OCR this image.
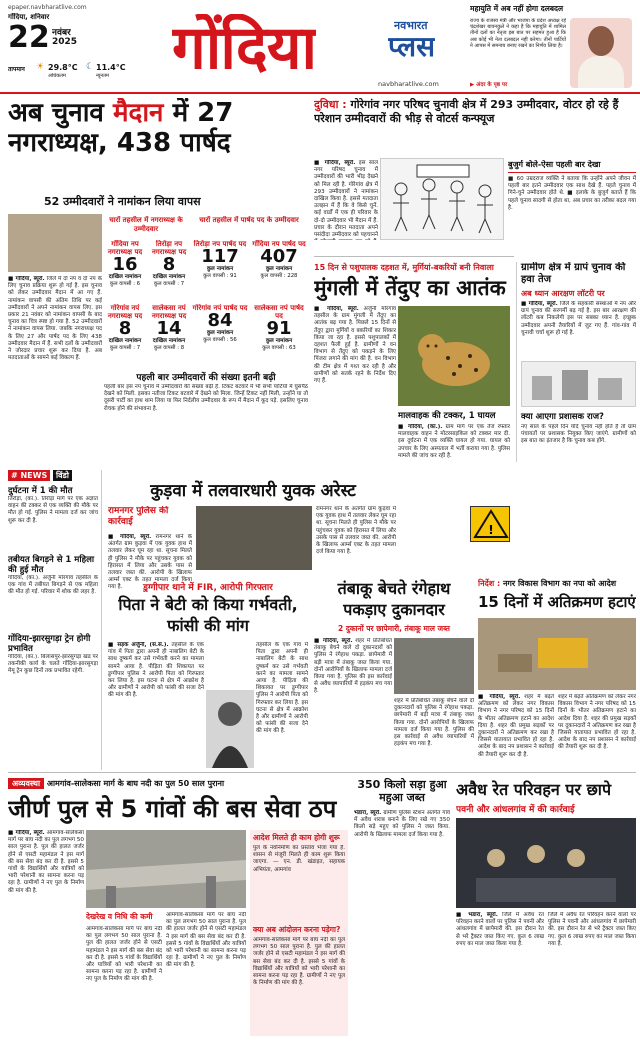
epaper.navbharatlive.com
गोंदिया, शनिवार
22 नवंबर
2025
तापमान ☀ 29.8°C
अधिकतम
☾ 11.4°C
न्यूनतम गोंदिया	नवभारत
प्लस
navbharatlive.com
महायुति में अब नहीं होगा दलबदल
राज्य के राजस्व मंत्री और भाजपा के प्रदेश अध्यक्ष रहे चंद्रशेखर बावनकुले ने कहा है कि महायुति में शामिल तीनों दलों का नेतृत्व इस बात पर सहमत हुआ है कि अब कोई भी नेता दलबदल नहीं करेगा। तीनों पार्टियों ने आपस में समन्वय बनाए रखने का निर्णय लिया है।
▶ अंदर के पृष्ठ पर
अब चुनाव मैदान में 27 नगराध्यक्ष, 438 पार्षद
52 उम्मीदवारों ने नामांकन लिया वापस
■ गोंदिया, ब्यूरो. जिले में दो नप व दो नपं के लिए चुनाव प्रक्रिया शुरू हो गई है. इस चुनाव को लेकर उम्मीदवार मैदान में आ गए हैं. नामांकन वापसी की अंतिम तिथि पर कई उम्मीदवारों ने अपने नामांकन वापस लिए. इस प्रकार 21 नवंबर को नामांकन वापसी के बाद चुनाव का चित्र स्पष्ट हो गया है. 52 उम्मीदवारों ने नामांकन वापस लिया. जबकि नगराध्यक्ष पद के लिए 27 और पार्षद पद के लिए 438 उम्मीदवार मैदान में हैं. सभी दलों के उम्मीदवारों ने जोरदार प्रचार शुरू कर दिया है. अब मतदाताओं के सामने कई विकल्प हैं.
चारों तहसील में नगराध्यक्ष के उम्मीदवार
चारों तहसील में पार्षद पद के उम्मीदवार
गोंदिया नप नगराध्यक्ष पद
16
दाखिल नामांकन
कुल वापसी : 6
तिरोड़ा नप नगराध्यक्ष पद
8
दाखिल नामांकन
कुल वापसी : 7
तिरोड़ा नप पार्षद पद
117
कुल नामांकन
कुल वापसी : 91
गोंदिया नप पार्षद पद
407
कुल नामांकन
कुल वापसी : 228
गोरेगांव नपं नगराध्यक्ष पद
8
दाखिल नामांकन
कुल वापसी : 7
सालेकसा नपं नगराध्यक्ष पद
14
दाखिल नामांकन
कुल वापसी : 8
गोरेगांव नपं पार्षद पद
84
कुल नामांकन
कुल वापसी : 56
सालेकसा नपं पार्षद पद
91
कुल नामांकन
कुल वापसी : 63
पहली बार उम्मीदवारों की संख्या इतनी बढ़ी
पहली बार इस नप चुनाव में उम्मीदवारों की संख्या बढ़ी है. टिकट बटवारे में भी सभी पार्टियों में घुसपैठ देखने को मिली. इसका नतीजा टिकट बटवारे में देखने को मिला. जिन्हें टिकट नहीं मिली, उन्होंने या तो दूसरी पार्टी का हाथ थाम लिया या फिर निर्दलीय उम्मीदवार के रूप में मैदान में कूद पड़े. इसलिए चुनाव रोचक होने की संभावना है.
दुविधा : गोरेगांव नगर परिषद चुनावी क्षेत्र में 293 उम्मीदवार, वोटर हो रहे हैं परेशान उम्मीदवारों की भीड़ से वोटर्स कन्फ्यूज
■ गोंदिया, ब्यूरो. इस साल नगर परिषद चुनाव में उम्मीदवारों की भारी भीड़ देखने को मिल रही है. गोरेगांव क्षेत्र में 293 उम्मीदवारों ने नामांकन दाखिल किया है. इससे मतदाता उलझन में हैं कि वे किसे चुनें. कई वार्डों में एक ही परिवार के दो-दो उम्मीदवार भी मैदान में हैं. प्रचार के दौरान मतदाता अपने पसंदीदा उम्मीदवार को पहचानने
बुजुर्ग बोले-ऐसा पहली बार देखा
■ 60 उम्रदराज व्यक्ति ने बताया कि उन्होंने अपने जीवन में पहली बार इतने उम्मीदवार एक साथ देखे हैं. पहले चुनाव में गिने-चुने उम्मीदवार होते थे. ■ इलाके के बुजुर्ग बताते हैं कि पहले चुनाव सादगी से होता था, अब प्रचार का तरीका बदल गया है.
15 दिन से पशुपालक दहशत में, मुर्गियां-बकरियों बनी निवाला
मुंगली में तेंदुए का आतंक
■ गोंदिया, ब्यूरो. अर्जुनी मोरगांव तहसील के ग्राम मुंगली में तेंदुए का आतंक बढ़ गया है. पिछले 15 दिनों से तेंदुए द्वारा मुर्गियों व बकरियों का शिकार किया जा रहा है. इससे पशुपालकों में दहशत फैली हुई है. ग्रामीणों ने वन विभाग से तेंदुए को पकड़ने के लिए पिंजरा लगाने की मांग की है. वन विभाग की टीम क्षेत्र में गश्त कर रही है और ग्रामीणों को सतर्क रहने के निर्देश दिए गए हैं.
मालवाहक की टक्कर, 1 घायल
■ गोंदिया, (का.). ग्राम मार्ग पर एक तेज रफ्तार मालवाहक वाहन ने मोटरसाइकिल को टक्कर मार दी. इस दुर्घटना में एक व्यक्ति घायल हो गया. घायल को उपचार के लिए अस्पताल में भर्ती कराया गया है. पुलिस मामले की जांच कर रही है.
ग्रामीण क्षेत्र में ग्रापं चुनाव की हवा तेज
अब ध्यान आरक्षण लॉटरी पर
■ गोंदिया, ब्यूरो. जिले के सहकारी संस्थाओं में नप और ग्रापं चुनाव की सरगर्मी बढ़ गई है. इस बार आरक्षण की लॉटरी कब निकलेगी इस पर सबका ध्यान है. इच्छुक उम्मीदवार अपनी तैयारियों में जुट गए हैं. गांव-गांव में चुनावी चर्चा शुरू हो गई है.
क्या आएगा प्रशासक राज?
नए साल के पहले दिन यदि चुनाव नहीं होते हैं तो ग्राम पंचायतों पर प्रशासक नियुक्त किए जाएंगे. ग्रामीणों को इस बात का इंतजार है कि चुनाव कब होंगे.
# NEWS विंडो
दुर्घटना में 1 की मौत
तिरोड़ा, (का.). तिरोड़ा मार्ग पर एक अज्ञात वाहन की टक्कर से एक व्यक्ति की मौके पर मौत हो गई. पुलिस ने मामला दर्ज कर जांच शुरू कर दी है.
तबीयत बिगड़ने से 1 महिला की हुई मौत
गोंदिया, (का.). अर्जुनी मोरगांव तहसील के एक गांव में तबीयत बिगड़ने से एक महिला की मौत हो गई. परिवार में शोक की लहर है.
गोंदिया-झारसुगड़ा ट्रेन होगी प्रभावित
गोंदिया, (का.). बिलासपुर-झारसुगड़ा खंड पर तकनीकी कार्य के चलते गोंदिया-झारसुगड़ा मेमू ट्रेन कुछ दिनों तक प्रभावित रहेगी.
कुड़वा में तलवारधारी युवक अरेस्ट
रामनगर पुलिस की कार्रवाई
■ गोंदिया, ब्यूरो. रामनगर थाने के अंतर्गत ग्राम कुड़वा में एक युवक हाथ में तलवार लेकर घूम रहा था. सूचना मिलते ही पुलिस ने मौके पर पहुंचकर युवक को हिरासत में लिया और उसके पास से तलवार जब्त की. आरोपी के खिलाफ आर्म्स एक्ट के तहत मामला दर्ज किया गया है.
रामनगर थाने के अंतर्गत ग्राम कुड़वा में एक युवक हाथ में तलवार लेकर घूम रहा था. सूचना मिलते ही पुलिस ने मौके पर पहुंचकर युवक को हिरासत में लिया और उसके पास से तलवार जब्त की. आरोपी के खिलाफ आर्म्स एक्ट के तहत मामला दर्ज किया गया है.
!
डुग्गीपार थाने में FIR, आरोपी गिरफ्तार
पिता ने बेटी को किया गर्भवती, फांसी की मांग
■ सड़क अर्जुनी, (स.सं.). तहसील के एक गांव में पिता द्वारा अपनी ही नाबालिग बेटी के साथ दुष्कर्म कर उसे गर्भवती करने का मामला सामने आया है. पीड़िता की शिकायत पर डुग्गीपार पुलिस ने आरोपी पिता को गिरफ्तार कर लिया है. इस घटना से क्षेत्र में आक्रोश है और ग्रामीणों ने आरोपी को फांसी की सजा देने की मांग की है.
तहसील के एक गांव में पिता द्वारा अपनी ही नाबालिग बेटी के साथ दुष्कर्म कर उसे गर्भवती करने का मामला सामने आया है. पीड़िता की शिकायत पर डुग्गीपार पुलिस ने आरोपी पिता को गिरफ्तार कर लिया है. इस घटना से क्षेत्र में आक्रोश है और ग्रामीणों ने आरोपी को फांसी की सजा देने की मांग की है.
तंबाकू बेचते रंगेहाथ पकड़ाए दुकानदार
2 दुकानों पर छापेमारी, तंबाकू माल जब्त
■ गोंदिया, ब्यूरो. शहर में प्रतिबंधित तंबाकू बेचने वाले दो दुकानदारों को पुलिस ने रंगेहाथ पकड़ा. छापेमारी में बड़ी मात्रा में तंबाकू जब्त किया गया. दोनों आरोपियों के खिलाफ मामला दर्ज किया गया है. पुलिस की इस कार्रवाई से अवैध व्यापारियों में हड़कंप मच गया है.
शहर में प्रतिबंधित तंबाकू बेचने वाले दो दुकानदारों को पुलिस ने रंगेहाथ पकड़ा. छापेमारी में बड़ी मात्रा में तंबाकू जब्त किया गया. दोनों आरोपियों के खिलाफ मामला दर्ज किया गया है. पुलिस की इस कार्रवाई से अवैध व्यापारियों में हड़कंप मच गया है.
निर्देश : नगर विकास विभाग का नपा को आदेश
15 दिनों में अतिक्रमण हटाएं
■ गोंदिया, ब्यूरो. शहर में बढ़ते अतिक्रमण को लेकर नगर विकास विभाग ने नगर परिषद को 15 दिनों के भीतर अतिक्रमण हटाने का आदेश दिया है. शहर की प्रमुख सड़कों पर दुकानदारों ने अतिक्रमण कर रखा है जिससे यातायात प्रभावित हो रहा है. आदेश के बाद नप प्रशासन ने कार्रवाई की तैयारी शुरू कर दी है.
शहर में बढ़ते अतिक्रमण को लेकर नगर विकास विभाग ने नगर परिषद को 15 दिनों के भीतर अतिक्रमण हटाने का आदेश दिया है. शहर की प्रमुख सड़कों पर दुकानदारों ने अतिक्रमण कर रखा है जिससे यातायात प्रभावित हो रहा है. आदेश के बाद नप प्रशासन ने कार्रवाई की तैयारी शुरू कर दी है.
अव्यवस्था आमगांव-सालेकसा मार्ग के बाघ नदी का पुल 50 साल पुराना
जीर्ण पुल से 5 गांवों की बस सेवा ठप
■ गोंदिया, ब्यूरो. आमगांव-सालेकसा मार्ग पर बाघ नदी का पुल लगभग 50 साल पुराना है. पुल की हालत जर्जर होने से एसटी महामंडल ने इस मार्ग की बस सेवा बंद कर दी है. इससे 5 गांवों के विद्यार्थियों और यात्रियों को भारी परेशानी का सामना करना पड़ रहा है. ग्रामीणों ने नए पुल के निर्माण की मांग की है.
देखरेख व निधि की कमी
आमगांव-सालेकसा मार्ग पर बाघ नदी का पुल लगभग 50 साल पुराना है. पुल की हालत जर्जर होने से एसटी महामंडल ने इस मार्ग की बस सेवा बंद कर दी है. इससे 5 गांवों के विद्यार्थियों और यात्रियों को भारी परेशानी का सामना करना पड़ रहा है. ग्रामीणों ने नए पुल के निर्माण की मांग की है.
आमगांव-सालेकसा मार्ग पर बाघ नदी का पुल लगभग 50 साल पुराना है. पुल की हालत जर्जर होने से एसटी महामंडल ने इस मार्ग की बस सेवा बंद कर दी है. इससे 5 गांवों के विद्यार्थियों और यात्रियों को भारी परेशानी का सामना करना पड़ रहा है. ग्रामीणों ने नए पुल के निर्माण की मांग की है.
आदेश मिलते ही काम होगी शुरू
पुल के नवनिर्माण का प्रस्ताव भेजा गया है. शासन से मंजूरी मिलते ही काम शुरू किया जाएगा. — एन. डी. खंडाइत, सहायक अभियंता, आमगांव
क्या अब आंदोलन करना पड़ेगा?
आमगांव-सालेकसा मार्ग पर बाघ नदी का पुल लगभग 50 साल पुराना है. पुल की हालत जर्जर होने से एसटी महामंडल ने इस मार्ग की बस सेवा बंद कर दी है. इससे 5 गांवों के विद्यार्थियों और यात्रियों को भारी परेशानी का सामना करना पड़ रहा है. ग्रामीणों ने नए पुल के निर्माण की मांग की है.
350 किलो सड़ा हुआ महुआ जब्त
भंडारा, ब्यूरो. ग्रामीण पुलिस स्टेशन अंतर्गत गांव में अवैध शराब बनाने के लिए रखे गए 350 किलो सड़े महुए को पुलिस ने जब्त किया. आरोपी के खिलाफ मामला दर्ज किया गया है.
अवैध रेत परिवहन पर छापे
पवनी और आंधलगांव में की कार्रवाई
■ भंडारा, ब्यूरो. जिले में अवैध रेत परिवहन करने वालों पर पुलिस ने पवनी और आंधलगांव में छापेमारी की. इस दौरान रेत से भरे ट्रैक्टर जब्त किए गए. कुल 6 लाख रुपए का माल जब्त किया गया है.
जिले में अवैध रेत परिवहन करने वालों पर पुलिस ने पवनी और आंधलगांव में छापेमारी की. इस दौरान रेत से भरे ट्रैक्टर जब्त किए गए. कुल 6 लाख रुपए का माल जब्त किया गया है.
